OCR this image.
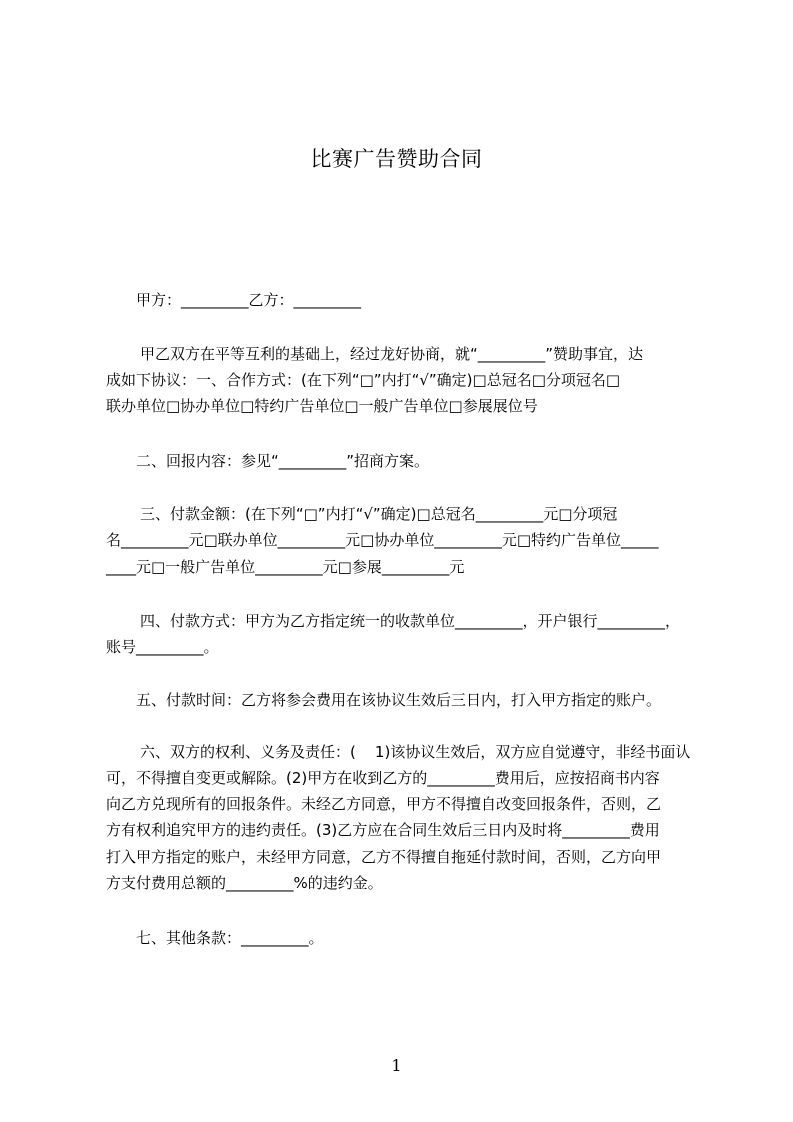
比赛广告赞助合同
甲方：_________乙方：_________
甲乙双方在平等互利的基础上，经过龙好协商，就“_________”赞助事宜，达
成如下协议：一、合作方式：(在下列“□”内打“√”确定)□总冠名□分项冠名□
联办单位□协办单位□特约广告单位□一般广告单位□参展展位号
二、回报内容：参见“_________”招商方案。
三、付款金额：(在下列“□”内打“√”确定)□总冠名_________元□分项冠
名_________元□联办单位_________元□协办单位_________元□特约广告单位_____
____元□一般广告单位_________元□参展_________元
四、付款方式：甲方为乙方指定统一的收款单位_________，开户银行_________，
账号_________。
五、付款时间：乙方将参会费用在该协议生效后三日内，打入甲方指定的账户。
六、双方的权利、义务及责任：(    1)该协议生效后，双方应自觉遵守，非经书面认
可，不得擅自变更或解除。(2)甲方在收到乙方的_________费用后，应按招商书内容
向乙方兑现所有的回报条件。未经乙方同意，甲方不得擅自改变回报条件，否则，乙
方有权利追究甲方的违约责任。(3)乙方应在合同生效后三日内及时将_________费用
打入甲方指定的账户，未经甲方同意，乙方不得擅自拖延付款时间，否则，乙方向甲
方支付费用总额的_________%的违约金。
七、其他条款：_________。
1
